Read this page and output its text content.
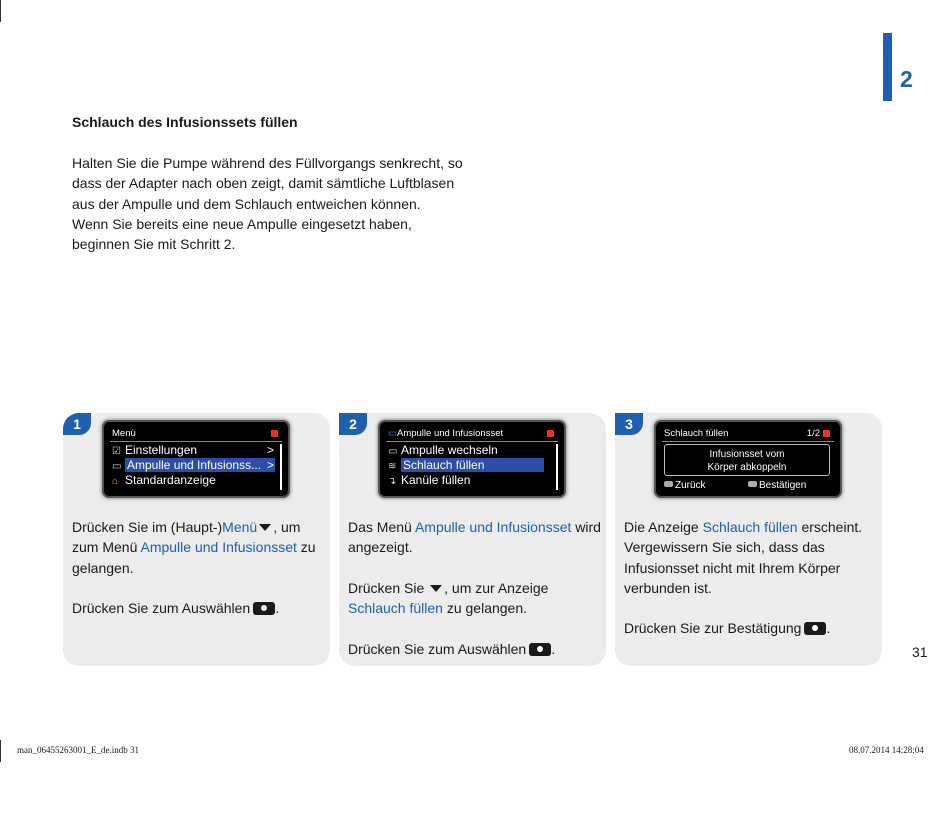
2
Schlauch des Infusionssets füllen

Halten Sie die Pumpe während des Füllvorgangs senkrecht, so dass der Adapter nach oben zeigt, damit sämtliche Luftblasen aus der Ampulle und dem Schlauch entweichen können.

Wenn Sie bereits eine neue Ampulle eingesetzt haben, beginnen Sie mit Schritt 2.

1
Menü
☑ Einstellungen	>
▭ Ampulle und Infusionss... >
⌂ Standardanzeige

Drücken Sie im (Haupt-)Menü , um zum Menü Ampulle und Infusionsset zu gelangen.

Drücken Sie zum Auswählen .

2
▭Ampulle und Infusionsset
▭ Ampulle wechseln
≋ Schlauch füllen
↴ Kanüle füllen

Das Menü Ampulle und Infusionsset wird angezeigt.

Drücken Sie , um zur Anzeige Schlauch füllen zu gelangen.

Drücken Sie zum Auswählen .

3
Schlauch füllen	1/2
Infusionsset vom
Körper abkoppeln
Zurück	Bestätigen

Die Anzeige Schlauch füllen erscheint. Vergewissern Sie sich, dass das Infusionsset nicht mit Ihrem Körper verbunden ist.

Drücken Sie zur Bestätigung .

31
man_06455263001_E_de.indb 31	08.07.2014 14:28:04
